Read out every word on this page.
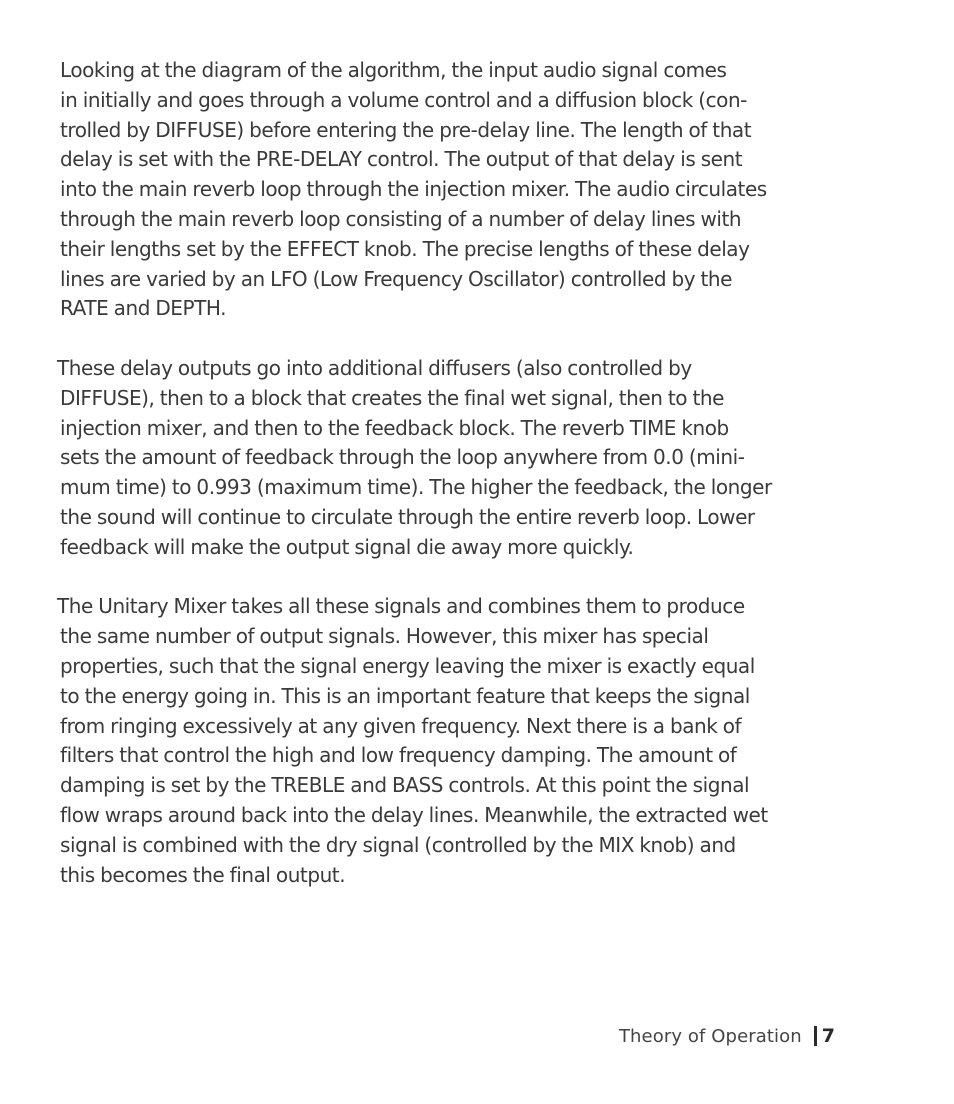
Looking at the diagram of the algorithm, the input audio signal comes
in initially and goes through a volume control and a diffusion block (con-
trolled by DIFFUSE) before entering the pre-delay line. The length of that
delay is set with the PRE-DELAY control. The output of that delay is sent
into the main reverb loop through the injection mixer. The audio circulates
through the main reverb loop consisting of a number of delay lines with
their lengths set by the EFFECT knob. The precise lengths of these delay
lines are varied by an LFO (Low Frequency Oscillator) controlled by the
RATE and DEPTH.

These delay outputs go into additional diffusers (also controlled by
DIFFUSE), then to a block that creates the final wet signal, then to the
injection mixer, and then to the feedback block. The reverb TIME knob
sets the amount of feedback through the loop anywhere from 0.0 (mini-
mum time) to 0.993 (maximum time). The higher the feedback, the longer
the sound will continue to circulate through the entire reverb loop. Lower
feedback will make the output signal die away more quickly.

The Unitary Mixer takes all these signals and combines them to produce
the same number of output signals. However, this mixer has special
properties, such that the signal energy leaving the mixer is exactly equal
to the energy going in. This is an important feature that keeps the signal
from ringing excessively at any given frequency. Next there is a bank of
filters that control the high and low frequency damping. The amount of
damping is set by the TREBLE and BASS controls. At this point the signal
flow wraps around back into the delay lines. Meanwhile, the extracted wet
signal is combined with the dry signal (controlled by the MIX knob) and
this becomes the final output.

Theory of Operation 7
